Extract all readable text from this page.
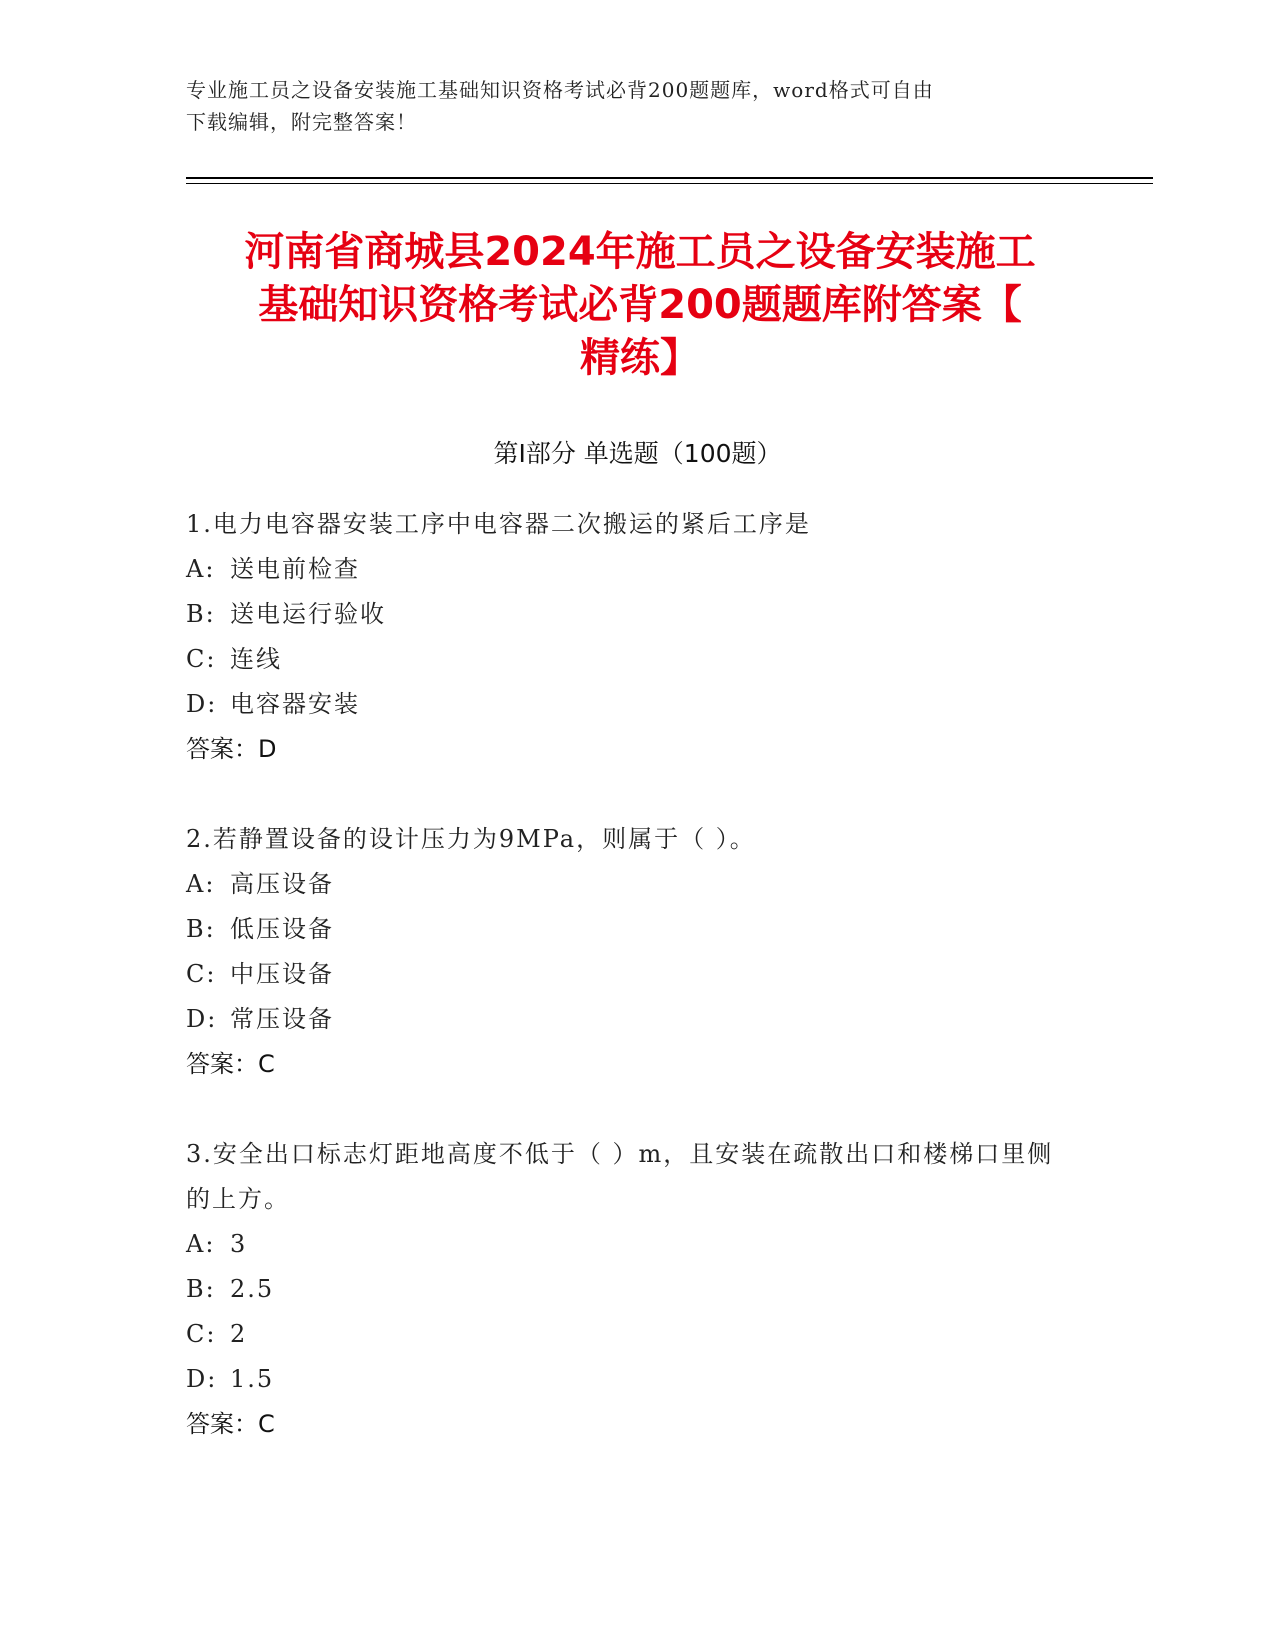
专业施工员之设备安装施工基础知识资格考试必背200题题库，word格式可自由
下载编辑，附完整答案！
河南省商城县2024年施工员之设备安装施工
基础知识资格考试必背200题题库附答案【
精练】
第Ⅰ部分 单选题（100题）

1.电力电容器安装工序中电容器二次搬运的紧后工序是

A: 送电前检查

B: 送电运行验收

C: 连线

D: 电容器安装

答案：D

2.若静置设备的设计压力为9MPa，则属于（ ）。

A: 高压设备

B: 低压设备

C: 中压设备

D: 常压设备

答案：C

3.安全出口标志灯距地高度不低于（ ）m，且安装在疏散出口和楼梯口里侧的上方。

A: 3

B: 2.5

C: 2

D: 1.5

答案：C
